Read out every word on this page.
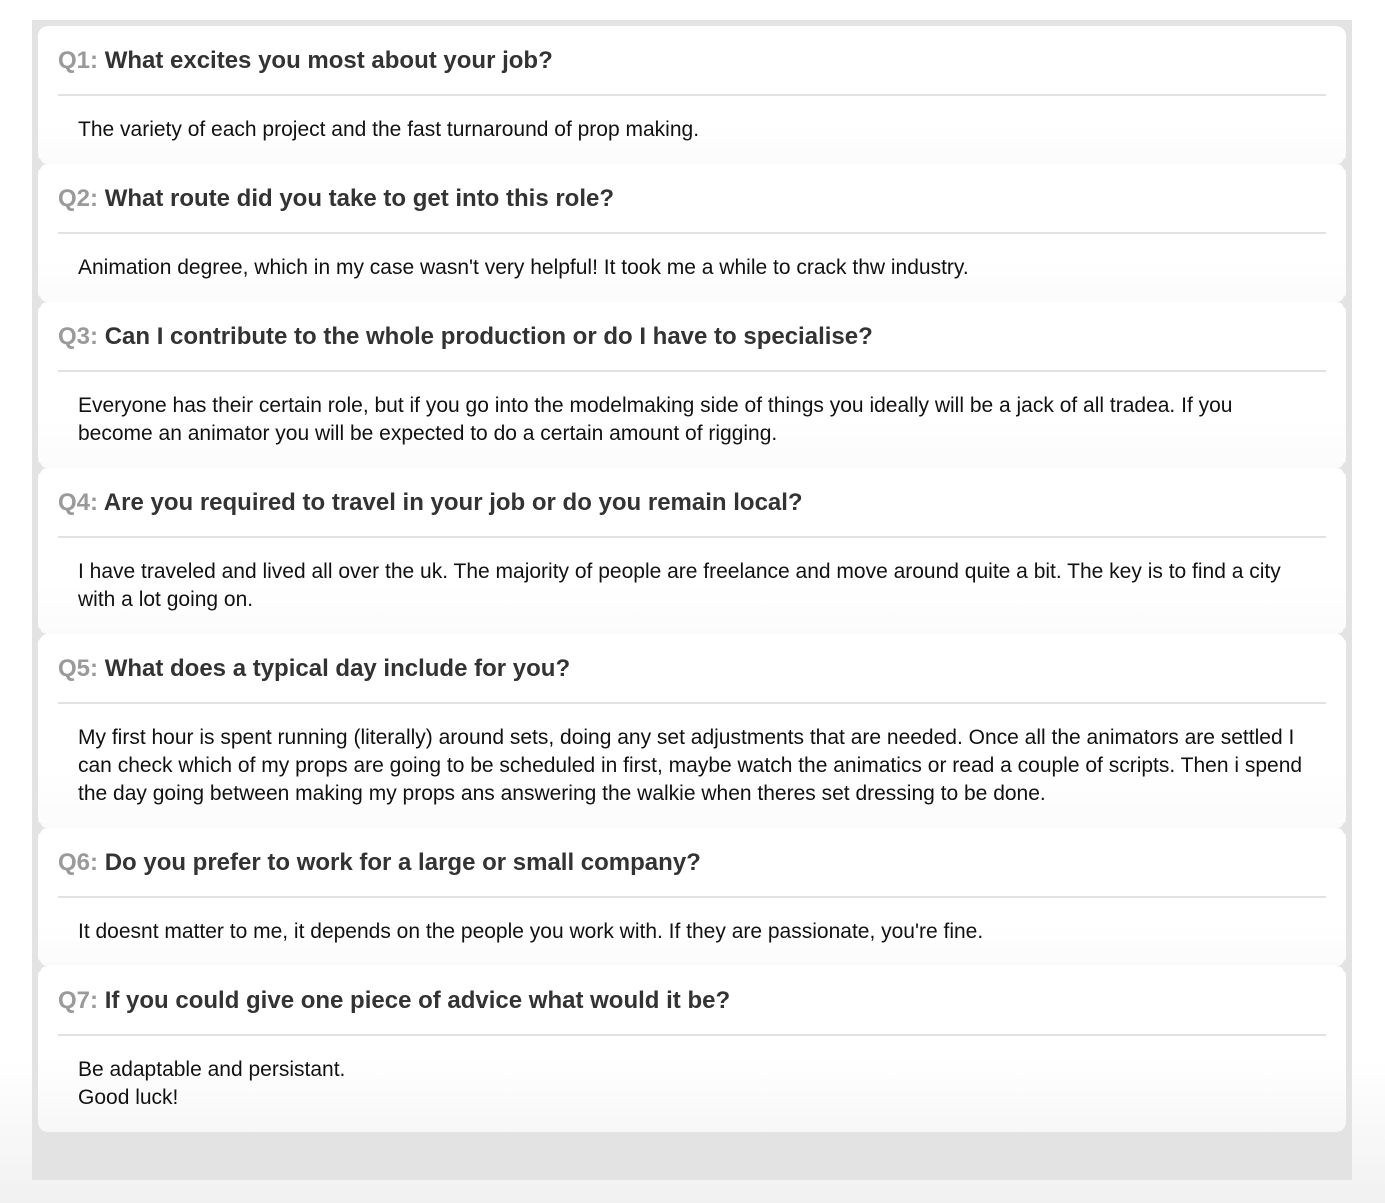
Q1: What excites you most about your job?
The variety of each project and the fast turnaround of prop making.
Q2: What route did you take to get into this role?
Animation degree, which in my case wasn't very helpful! It took me a while to crack thw industry.
Q3: Can I contribute to the whole production or do I have to specialise?
Everyone has their certain role, but if you go into the modelmaking side of things you ideally will be a jack of all tradea. If you become an animator you will be expected to do a certain amount of rigging.
Q4: Are you required to travel in your job or do you remain local?
I have traveled and lived all over the uk. The majority of people are freelance and move around quite a bit. The key is to find a city with a lot going on.
Q5: What does a typical day include for you?
My first hour is spent running (literally) around sets, doing any set adjustments that are needed. Once all the animators are settled I can check which of my props are going to be scheduled in first, maybe watch the animatics or read a couple of scripts. Then i spend the day going between making my props ans answering the walkie when theres set dressing to be done.
Q6: Do you prefer to work for a large or small company?
It doesnt matter to me, it depends on the people you work with. If they are passionate, you're fine.
Q7: If you could give one piece of advice what would it be?
Be adaptable and persistant.
Good luck!
